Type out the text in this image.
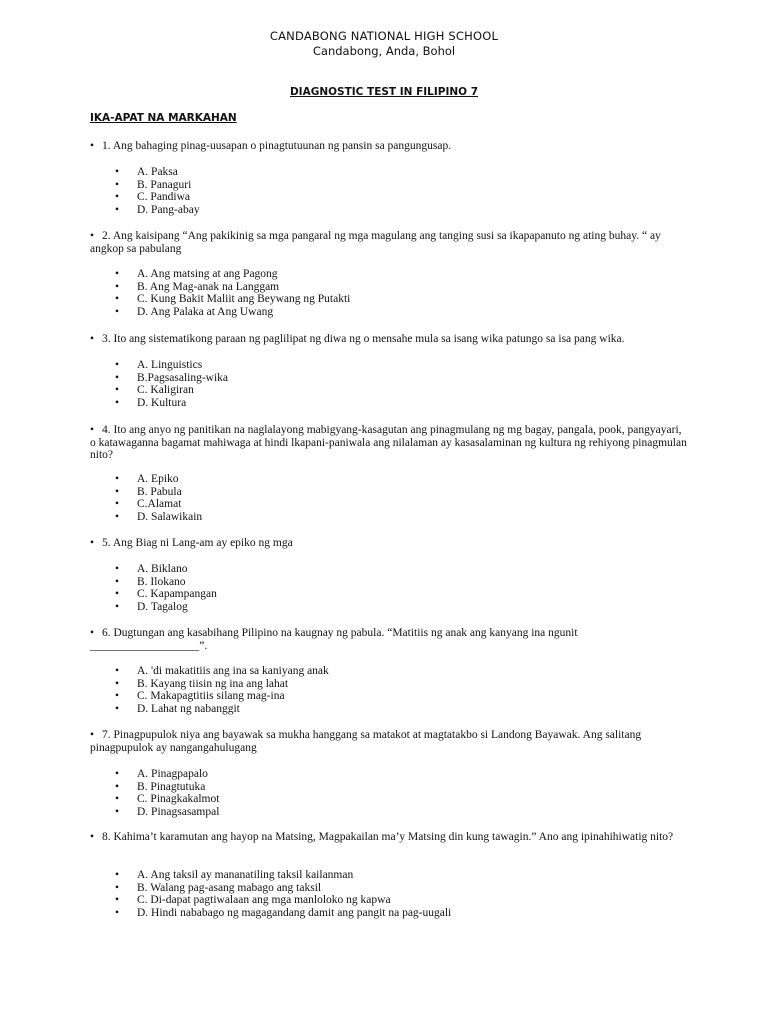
CANDABONG NATIONAL HIGH SCHOOL
Candabong, Anda, Bohol
DIAGNOSTIC TEST IN FILIPINO 7
IKA-APAT NA MARKAHAN
• 1. Ang bahaging pinag-uusapan o pinagtutuunan ng pansin sa pangungusap.
• A. Paksa
• B. Panaguri
• C. Pandiwa
• D. Pang-abay
• 2. Ang kaisipang “Ang pakikinig sa mga pangaral ng mga magulang ang tanging susi sa ikapapanuto ng ating buhay. “ ay angkop sa pabulang
• A. Ang matsing at ang Pagong
• B. Ang Mag-anak na Langgam
• C. Kung Bakit Maliit ang Beywang ng Putakti
• D. Ang Palaka at Ang Uwang
• 3. Ito ang sistematikong paraan ng paglilipat ng diwa ng o mensahe mula sa isang wika patungo sa isa pang wika.
• A. Linguistics
• B.Pagsasaling-wika
• C. Kaligiran
• D. Kultura
• 4. Ito ang anyo ng panitikan na naglalayong mabigyang-kasagutan ang pinagmulang ng mg bagay, pangala, pook, pangyayari, o katawaganna bagamat mahiwaga at hindi lkapani-paniwala ang nilalaman ay kasasalaminan ng kultura ng rehiyong pinagmulan nito?
• A. Epiko
• B. Pabula
• C.Alamat
• D. Salawikain
• 5. Ang Biag ni Lang-am ay epiko ng mga
• A. Biklano
• B. Ilokano
• C. Kapampangan
• D. Tagalog
• 6. Dugtungan ang kasabihang Pilipino na kaugnay ng pabula. “Matitiis ng anak ang kanyang ina ngunit ___________________”.
• A. 'di makatitiis ang ina sa kaniyang anak
• B. Kayang tiisin ng ina ang lahat
• C. Makapagtitiis silang mag-ina
• D. Lahat ng nabanggit
• 7. Pinagpupulok niya ang bayawak sa mukha hanggang sa matakot at magtatakbo si Landong Bayawak. Ang salitang pinagpupulok ay nangangahulugang
• A. Pinagpapalo
• B. Pinagtutuka
• C. Pinagkakalmot
• D. Pinagsasampal
• 8. Kahima’t karamutan ang hayop na Matsing, Magpakailan ma’y Matsing din kung tawagin.” Ano ang ipinahihiwatig nito?
• A. Ang taksil ay mananatiling taksil kailanman
• B. Walang pag-asang mabago ang taksil
• C. Di-dapat pagtiwalaan ang mga manloloko ng kapwa
• D. Hindi nababago ng magagandang damit ang pangit na pag-uugali
